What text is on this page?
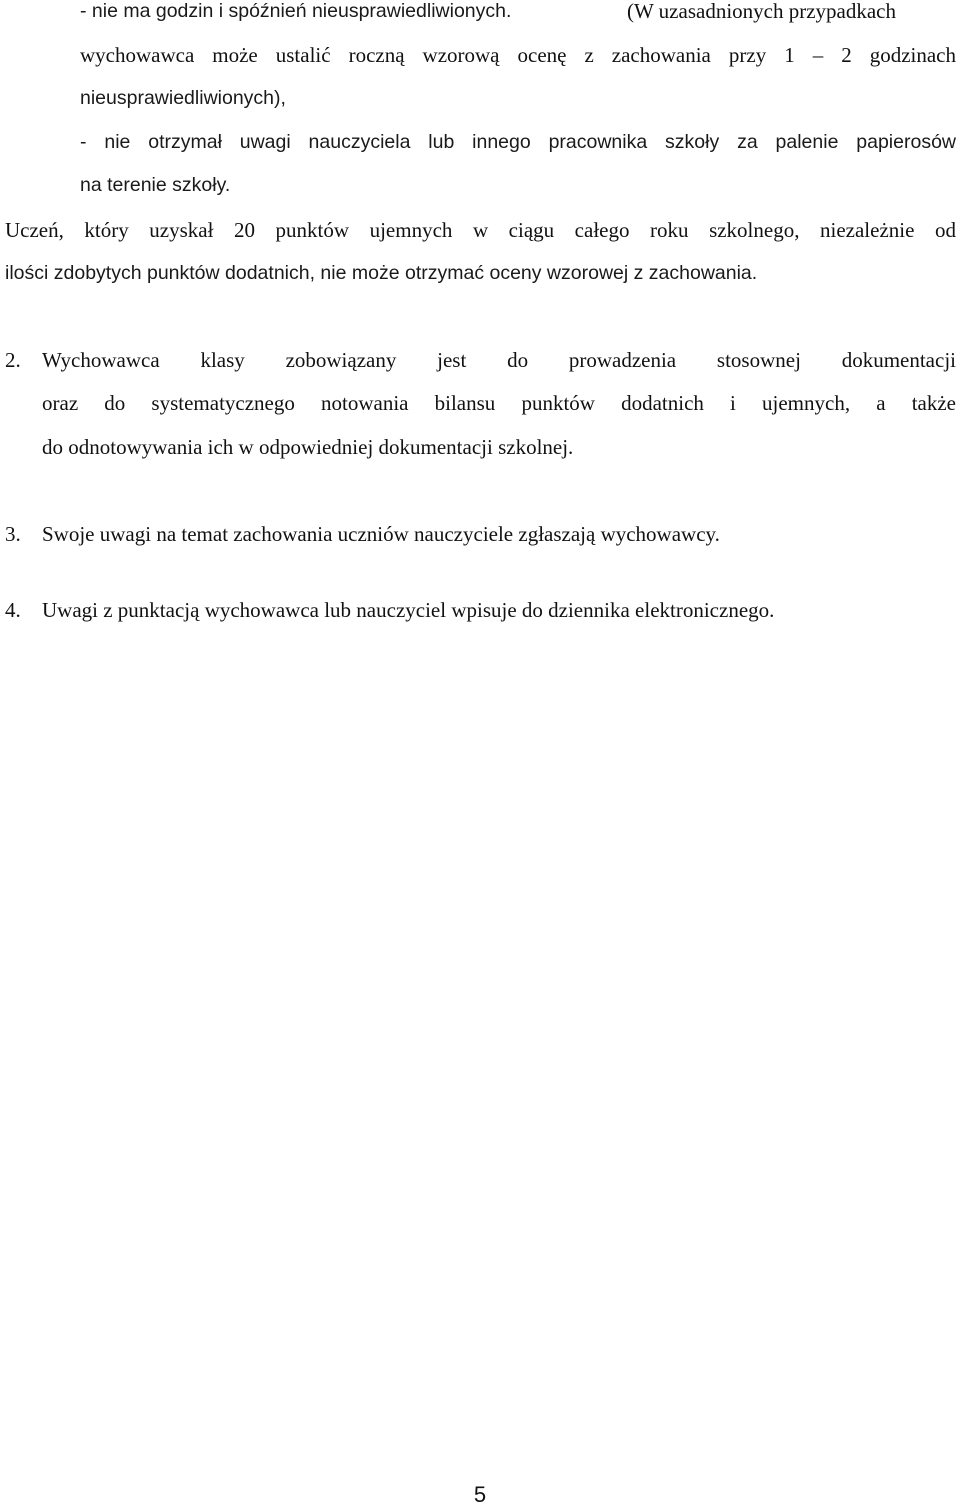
- nie ma godzin i spóźnień nieusprawiedliwionych.	(W uzasadnionych przypadkach
wychowawca może ustalić roczną wzorową ocenę z zachowania przy 1 – 2 godzinach
nieusprawiedliwionych),
- nie otrzymał uwagi nauczyciela lub innego pracownika szkoły za palenie papierosów
na terenie szkoły.
Uczeń, który uzyskał 20 punktów ujemnych w ciągu całego roku szkolnego, niezależnie od
ilości zdobytych punktów dodatnich, nie może otrzymać oceny wzorowej z zachowania.
2. Wychowawca klasy zobowiązany jest do prowadzenia stosownej dokumentacji
oraz do systematycznego notowania bilansu punktów dodatnich i ujemnych, a także
do odnotowywania ich w odpowiedniej dokumentacji szkolnej.
3. Swoje uwagi na temat zachowania uczniów nauczyciele zgłaszają wychowawcy.
4. Uwagi z punktacją wychowawca lub nauczyciel wpisuje do dziennika elektronicznego.
5
